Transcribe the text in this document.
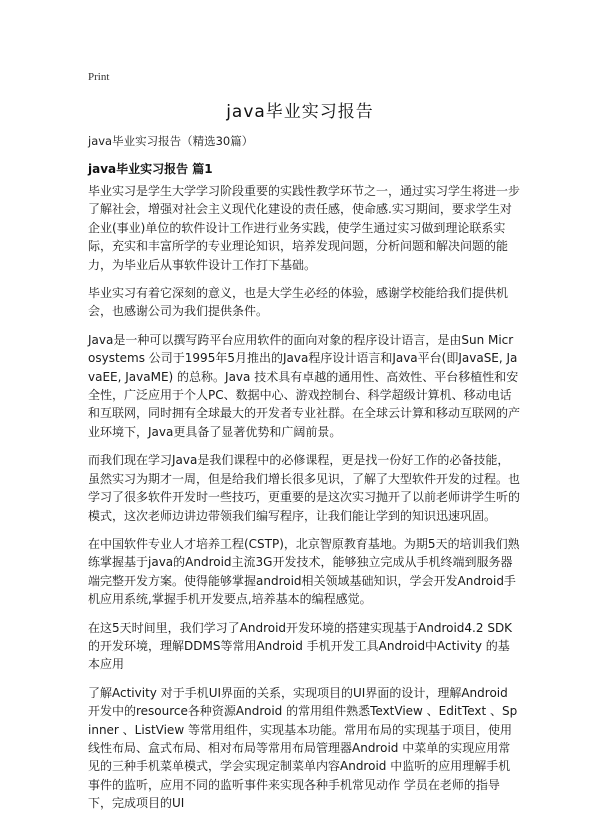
Print
java毕业实习报告
java毕业实习报告（精选30篇）
java毕业实习报告 篇1

毕业实习是学生大学学习阶段重要的实践性教学环节之一，通过实习学生将进一步了解社会，增强对社会主义现代化建设的责任感，使命感.实习期间，要求学生对企业(事业)单位的软件设计工作进行业务实践，使学生通过实习做到理论联系实际，充实和丰富所学的专业理论知识，培养发现问题，分析问题和解决问题的能力，为毕业后从事软件设计工作打下基础。

毕业实习有着它深刻的意义，也是大学生必经的体验，感谢学校能给我们提供机会，也感谢公司为我们提供条件。

Java是一种可以撰写跨平台应用软件的面向对象的程序设计语言，是由Sun Microsystems 公司于1995年5月推出的Java程序设计语言和Java平台(即JavaSE, JavaEE, JavaME) 的总称。Java 技术具有卓越的通用性、高效性、平台移植性和安全性，广泛应用于个人PC、数据中心、游戏控制台、科学超级计算机、移动电话和互联网，同时拥有全球最大的开发者专业社群。在全球云计算和移动互联网的产业环境下，Java更具备了显著优势和广阔前景。

而我们现在学习Java是我们课程中的必修课程，更是找一份好工作的必备技能，虽然实习为期才一周，但是给我们增长很多见识，了解了大型软件开发的过程。也学习了很多软件开发时一些技巧，更重要的是这次实习抛开了以前老师讲学生听的模式，这次老师边讲边带领我们编写程序，让我们能让学到的知识迅速巩固。

在中国软件专业人才培养工程(CSTP)，北京智原教育基地。为期5天的培训我们熟练掌握基于java的Android主流3G开发技术，能够独立完成从手机终端到服务器端完整开发方案。使得能够掌握android相关领域基础知识，学会开发Android手机应用系统,掌握手机开发要点,培养基本的编程感觉。

在这5天时间里，我们学习了Android开发环境的搭建实现基于Android4.2 SDK的开发环境，理解DDMS等常用Android 手机开发工具Android中Activity 的基本应用

了解Activity 对于手机UI界面的关系，实现项目的UI界面的设计，理解Android 开发中的resource各种资源Android 的常用组件熟悉TextView 、EditText 、Spinner 、ListView 等常用组件，实现基本功能。常用布局的实现基于项目，使用线性布局、盒式布局、相对布局等常用布局管理器Android 中菜单的实现应用常见的三种手机菜单模式，学会实现定制菜单内容Android 中监听的应用理解手机事件的监听，应用不同的监听事件来实现各种手机常见动作 学员在老师的指导下，完成项目的UI
